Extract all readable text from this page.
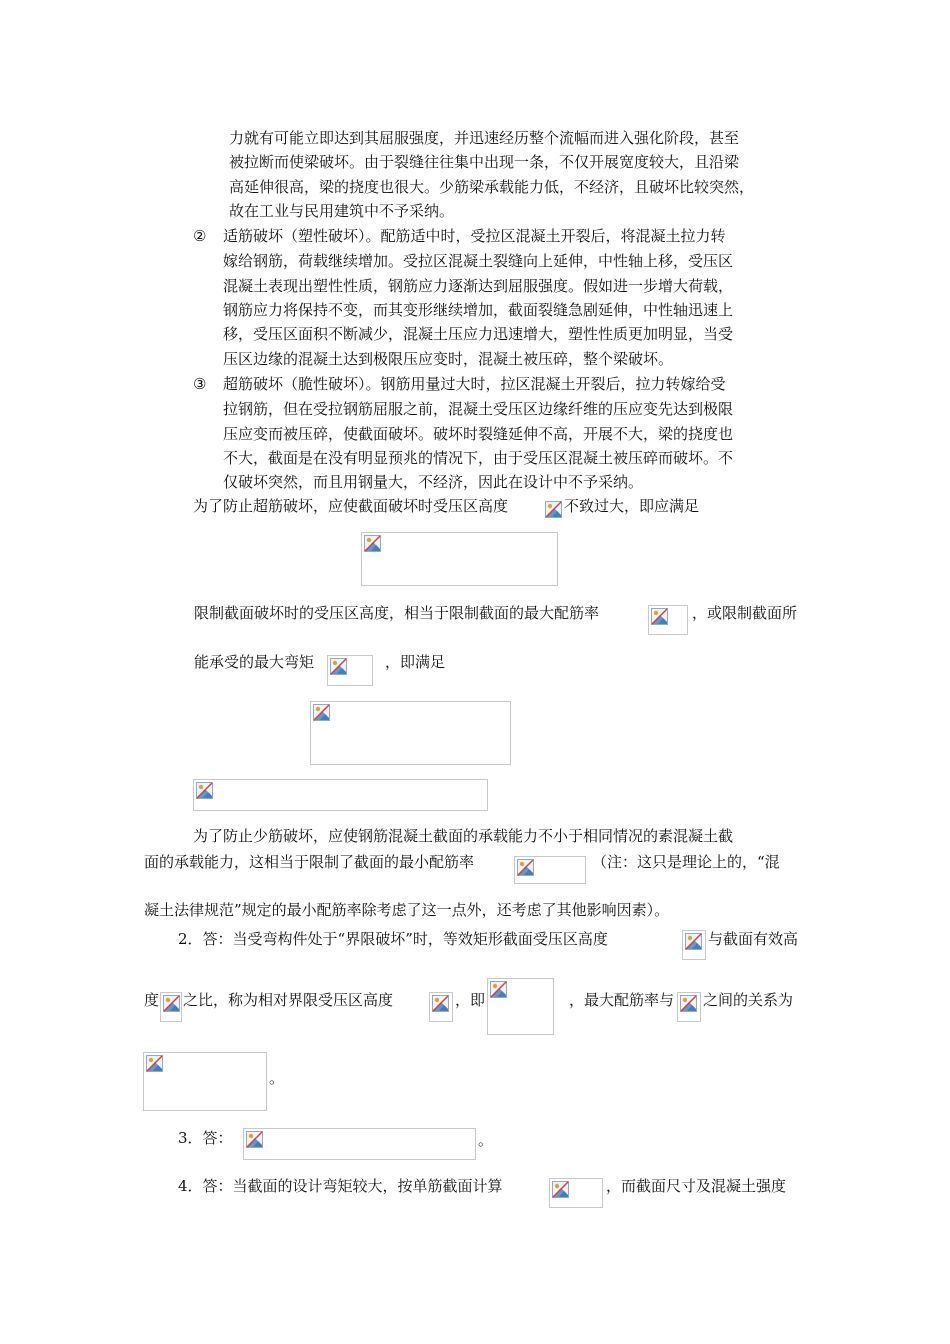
力就有可能立即达到其屈服强度，并迅速经历整个流幅而进入强化阶段，甚至
被拉断而使梁破坏。由于裂缝往往集中出现一条，不仅开展宽度较大，且沿梁
高延伸很高，梁的挠度也很大。少筋梁承载能力低，不经济，且破坏比较突然，
故在工业与民用建筑中不予采纳。
② 适筋破坏（塑性破坏）。配筋适中时，受拉区混凝土开裂后，将混凝土拉力转
嫁给钢筋，荷载继续增加。受拉区混凝土裂缝向上延伸，中性轴上移，受压区
混凝土表现出塑性性质，钢筋应力逐渐达到屈服强度。假如进一步增大荷载，
钢筋应力将保持不变，而其变形继续增加，截面裂缝急剧延伸，中性轴迅速上
移，受压区面积不断减少，混凝土压应力迅速增大，塑性性质更加明显，当受
压区边缘的混凝土达到极限压应变时，混凝土被压碎，整个梁破坏。
③ 超筋破坏（脆性破坏）。钢筋用量过大时，拉区混凝土开裂后，拉力转嫁给受
拉钢筋，但在受拉钢筋屈服之前，混凝土受压区边缘纤维的压应变先达到极限
压应变而被压碎，使截面破坏。破坏时裂缝延伸不高，开展不大，梁的挠度也
不大，截面是在没有明显预兆的情况下，由于受压区混凝土被压碎而破坏。不
仅破坏突然，而且用钢量大，不经济，因此在设计中不予采纳。
为了防止超筋破坏，应使截面破坏时受压区高度	不致过大，即应满足
限制截面破坏时的受压区高度，相当于限制截面的最大配筋率	，或限制截面所
能承受的最大弯矩	，即满足
为了防止少筋破坏，应使钢筋混凝土截面的承载能力不小于相同情况的素混凝土截
面的承载能力，这相当于限制了截面的最小配筋率	（注：这只是理论上的，“混
凝土法律规范”规定的最小配筋率除考虑了这一点外，还考虑了其他影响因素）。
2．答：当受弯构件处于“界限破坏”时，等效矩形截面受压区高度	与截面有效高
度 之比，称为相对界限受压区高度	，即	，最大配筋率与 之间的关系为
。
3．答：	。
4．答：当截面的设计弯矩较大，按单筋截面计算	，而截面尺寸及混凝土强度
